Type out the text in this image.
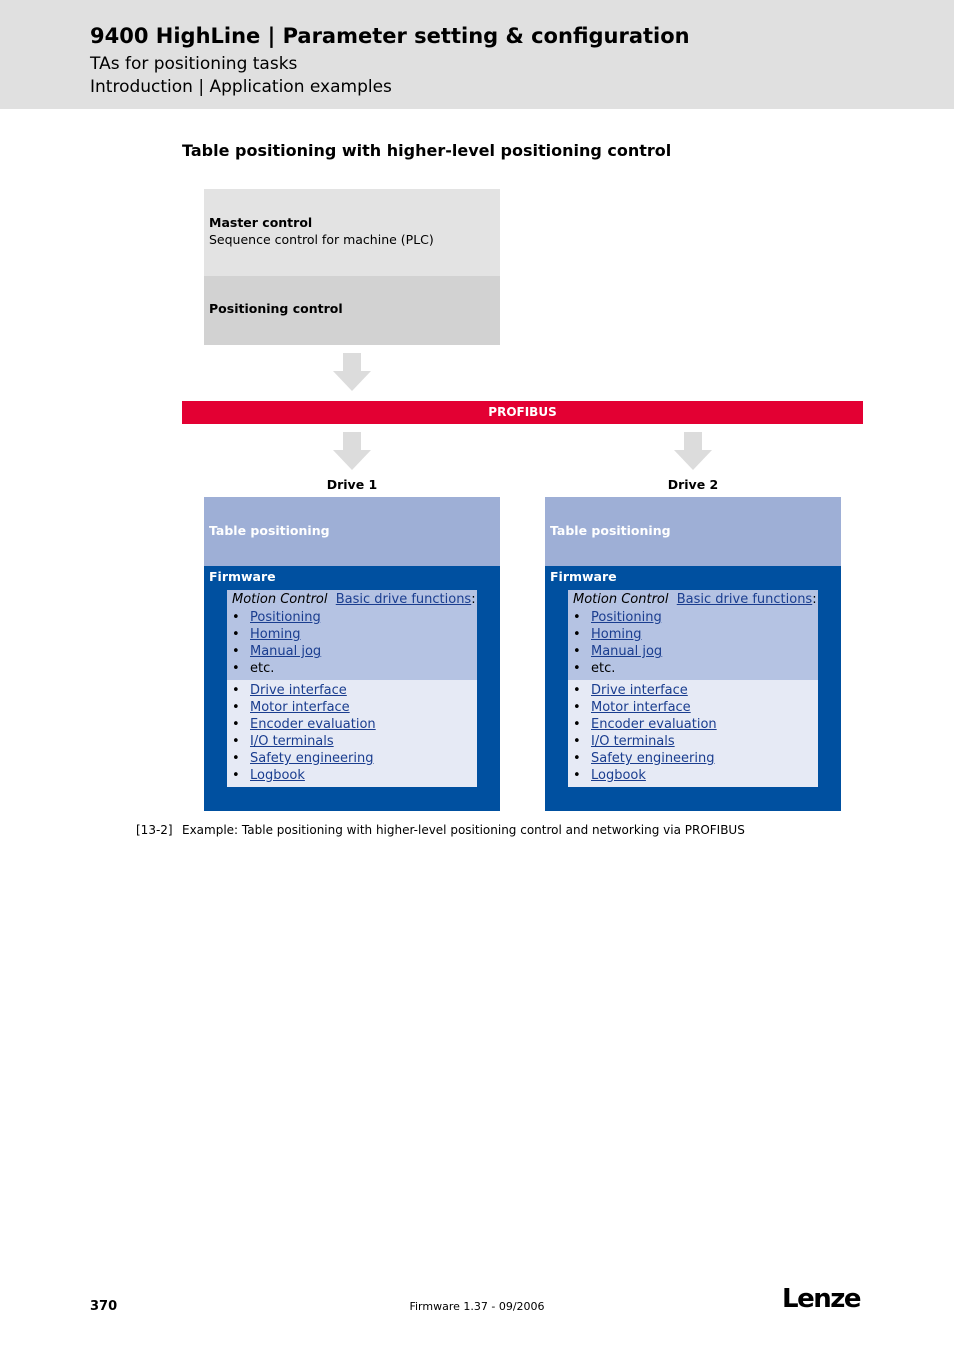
9400 HighLine | Parameter setting & configuration
TAs for positioning tasks
Introduction | Application examples
Table positioning with higher-level positioning control
Master control
Sequence control for machine (PLC)
Positioning control
PROFIBUS
Drive 1	Drive 2
Table positioning
Firmware
Motion Control Basic drive functions:
• Positioning
• Homing
• Manual jog
• etc.
• Drive interface
• Motor interface
• Encoder evaluation
• I/O terminals
• Safety engineering
• Logbook
Table positioning
Firmware
Motion Control Basic drive functions:
• Positioning
• Homing
• Manual jog
• etc.
• Drive interface
• Motor interface
• Encoder evaluation
• I/O terminals
• Safety engineering
• Logbook
[13-2] Example: Table positioning with higher-level positioning control and networking via PROFIBUS
370	Firmware 1.37 - 09/2006	Lenze
